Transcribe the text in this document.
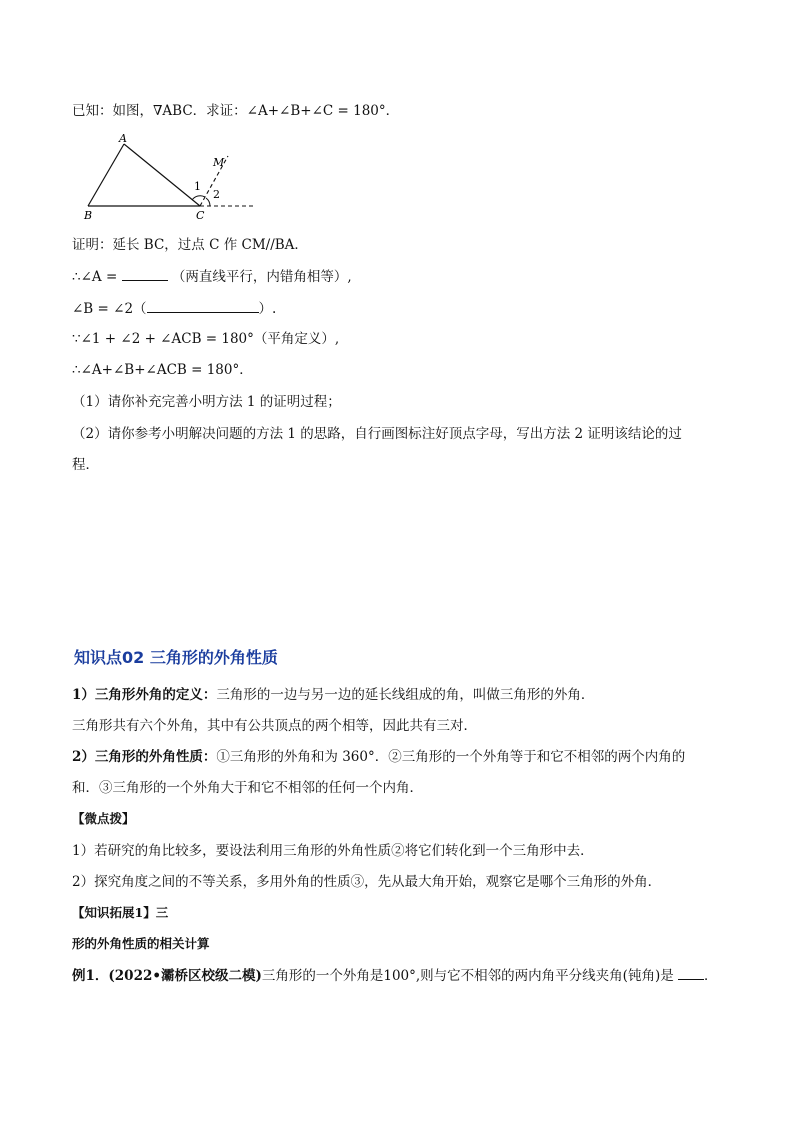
已知：如图，∇ABC．求证：∠A+∠B+∠C = 180°．
A
B	C
M
1
2
证明：延长 BC，过点 C 作 CM//BA．
∴∠A =	（两直线平行，内错角相等）,
∠B = ∠2（	）.
∵∠1 + ∠2 + ∠ACB = 180°（平角定义）,
∴∠A+∠B+∠ACB = 180°．
（1）请你补充完善小明方法 1 的证明过程；
（2）请你参考小明解决问题的方法 1 的思路，自行画图标注好顶点字母，写出方法 2 证明该结论的过
程．
知识点02 三角形的外角性质
1）三角形外角的定义：三角形的一边与另一边的延长线组成的角，叫做三角形的外角．
三角形共有六个外角，其中有公共顶点的两个相等，因此共有三对．
2）三角形的外角性质：①三角形的外角和为 360°．②三角形的一个外角等于和它不相邻的两个内角的
和．③三角形的一个外角大于和它不相邻的任何一个内角．
【微点拨】
1）若研究的角比较多，要设法利用三角形的外角性质②将它们转化到一个三角形中去．
2）探究角度之间的不等关系，多用外角的性质③，先从最大角开始，观察它是哪个三角形的外角．
【知识拓展1】三
形的外角性质的相关计算
例1．(2022•灞桥区校级二模)三角形的一个外角是100°,则与它不相邻的两内角平分线夹角(钝角)是 ．
